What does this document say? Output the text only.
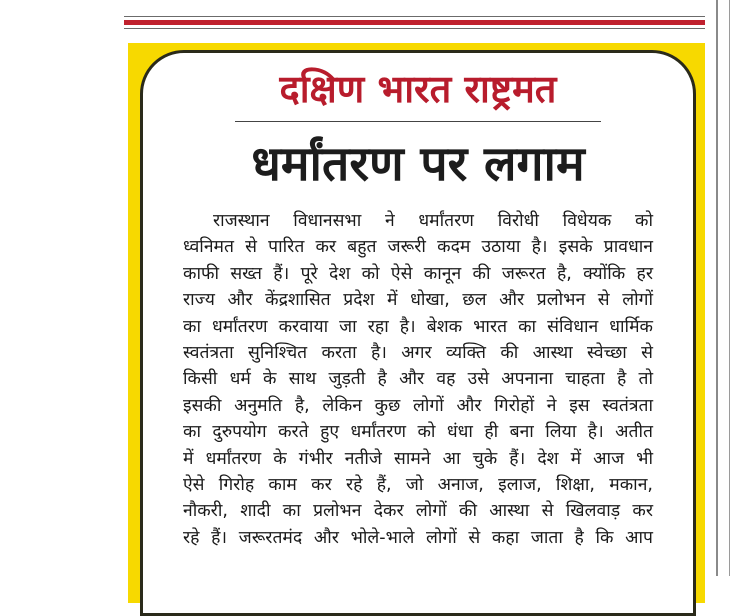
दक्षिण भारत राष्ट्रमत
धर्मांतरण पर लगाम
राजस्थान विधानसभा ने धर्मांतरण विरोधी विधेयक को
ध्वनिमत से पारित कर बहुत जरूरी कदम उठाया है। इसके प्रावधान
काफी सख्त हैं। पूरे देश को ऐसे कानून की जरूरत है, क्योंकि हर
राज्य और केंद्रशासित प्रदेश में धोखा, छल और प्रलोभन से लोगों
का धर्मांतरण करवाया जा रहा है। बेशक भारत का संविधान धार्मिक
स्वतंत्रता सुनिश्चित करता है। अगर व्यक्ति की आस्था स्वेच्छा से
किसी धर्म के साथ जुड़ती है और वह उसे अपनाना चाहता है तो
इसकी अनुमति है, लेकिन कुछ लोगों और गिरोहों ने इस स्वतंत्रता
का दुरुपयोग करते हुए धर्मांतरण को धंधा ही बना लिया है। अतीत
में धर्मांतरण के गंभीर नतीजे सामने आ चुके हैं। देश में आज भी
ऐसे गिरोह काम कर रहे हैं, जो अनाज, इलाज, शिक्षा, मकान,
नौकरी, शादी का प्रलोभन देकर लोगों की आस्था से खिलवाड़ कर
रहे हैं। जरूरतमंद और भोले-भाले लोगों से कहा जाता है कि आप
